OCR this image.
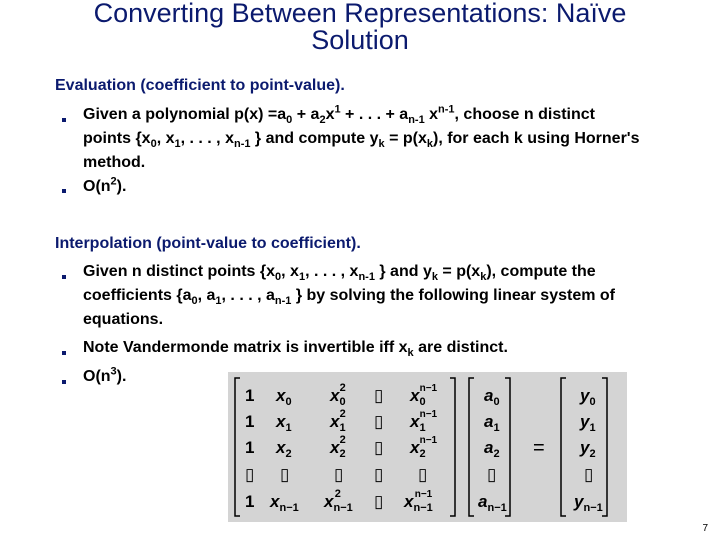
Converting Between Representations: Naïve
Solution
Evaluation (coefficient to point-value).
Given a polynomial $p(x) =a_0 + a_2x^1$ + . . . + $a_{n-1}$ $x^{n-1}$, choose n distinct points {$x_0$, $x_1$, . . . , $x_{n-1}$ } and compute $y_k = p(x_k)$, for each k using Horner's method.
$O(n^2)$.
Interpolation (point-value to coefficient).
Given n distinct points {$x_0$, $x_1$, . . . , $x_{n-1}$ } and $y_k = p(x_k)$, compute the coefficients {$a_0$, $a_1$, . . . , $a_{n-1}$ } by solving the following linear system of equations.
Note Vandermonde matrix is invertible iff $x_k$ are distinct.
$O(n^3)$.
1
1
1
1
$x_0$
$x_1$
$x_2$
$x_{n-1}$
$x_02$
$x_12$
$x_22$
$x_{n-1}2$
▯
▯
▯
▯
$x_0n-1$
$x_1n-1$
$x_2n-1$
$x_{n-1}n-1$
▯ ▯	▯ ▯ ▯
$a_0$
$a_1$
$a_2$
▯
$a_{n-1}$
=
$y_0$
$y_1$
$y_2$
▯
$y_{n-1}$
7
